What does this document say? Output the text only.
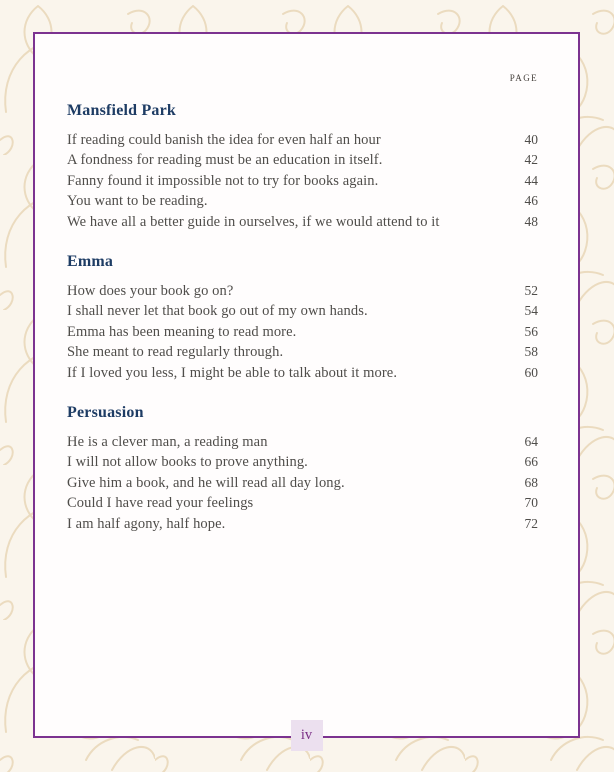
PAGE
Mansfield Park
If reading could banish the idea for even half an hour	40
A fondness for reading must be an education in itself.	42
Fanny found it impossible not to try for books again.	44
You want to be reading.	46
We have all a better guide in ourselves, if we would attend to it	48
Emma
How does your book go on?	52
I shall never let that book go out of my own hands.	54
Emma has been meaning to read more.	56
She meant to read regularly through.	58
If I loved you less, I might be able to talk about it more.	60
Persuasion
He is a clever man, a reading man	64
I will not allow books to prove anything.	66
Give him a book, and he will read all day long.	68
Could I have read your feelings	70
I am half agony, half hope.	72
iv
